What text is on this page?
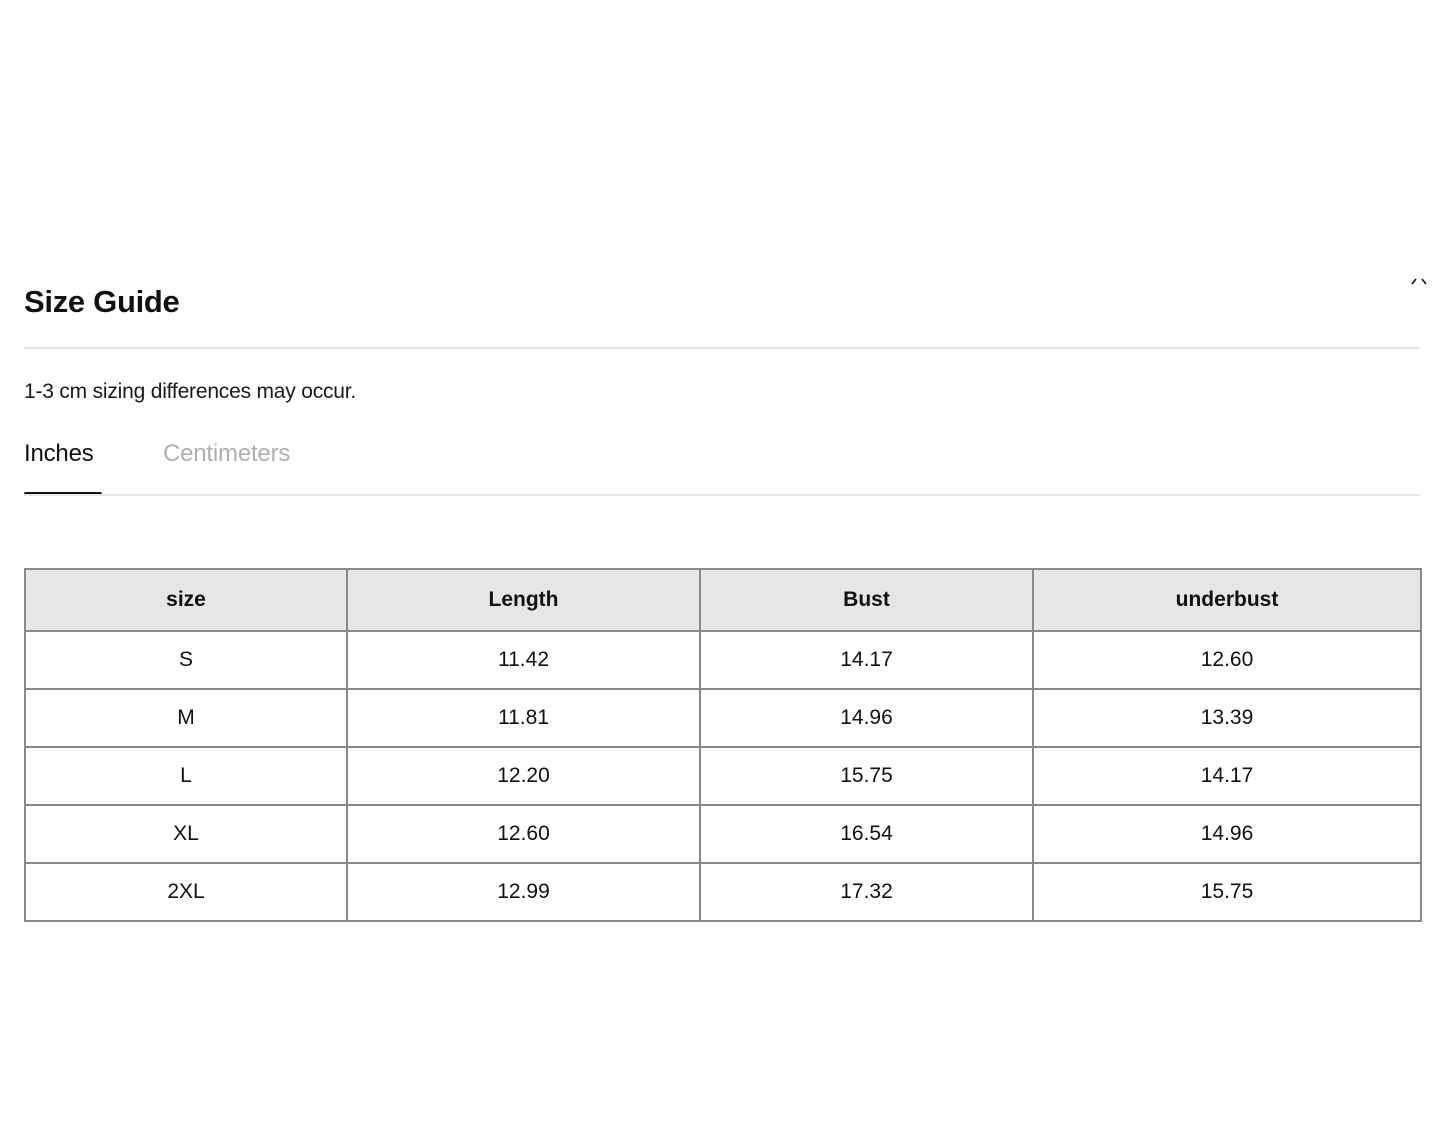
Size Guide
1-3 cm sizing differences may occur.
Inches	Centimeters
size	Length	Bust	underbust
S	11.42	14.17	12.60
M	11.81	14.96	13.39
L	12.20	15.75	14.17
XL	12.60	16.54	14.96
2XL	12.99	17.32	15.75
